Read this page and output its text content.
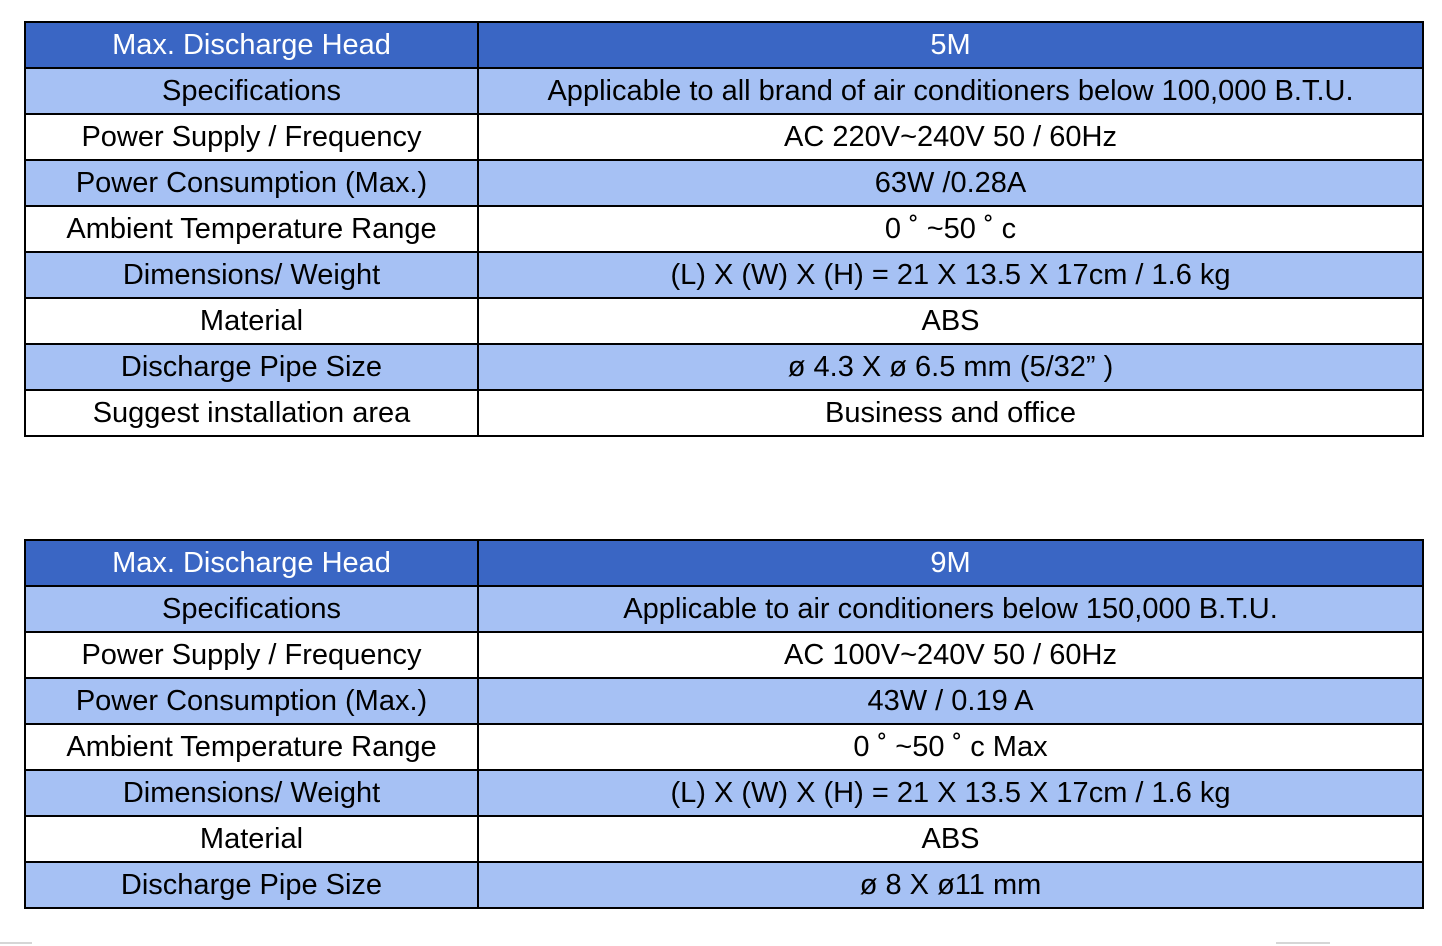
Max. Discharge Head	5M
Specifications	Applicable to all brand of air conditioners below 100,000 B.T.U.
Power Supply / Frequency	AC 220V~240V 50 / 60Hz
Power Consumption (Max.)	63W /0.28A
Ambient Temperature Range	0 ˚ ~50 ˚ c
Dimensions/ Weight	(L) X (W) X (H) = 21 X 13.5 X 17cm / 1.6 kg
Material	ABS
Discharge Pipe Size	ø 4.3 X ø 6.5 mm (5/32” )
Suggest installation area	Business and office
Max. Discharge Head	9M
Specifications	Applicable to air conditioners below 150,000 B.T.U.
Power Supply / Frequency	AC 100V~240V 50 / 60Hz
Power Consumption (Max.)	43W / 0.19 A
Ambient Temperature Range	0 ˚ ~50 ˚ c Max
Dimensions/ Weight	(L) X (W) X (H) = 21 X 13.5 X 17cm / 1.6 kg
Material	ABS
Discharge Pipe Size	ø 8 X ø11 mm
